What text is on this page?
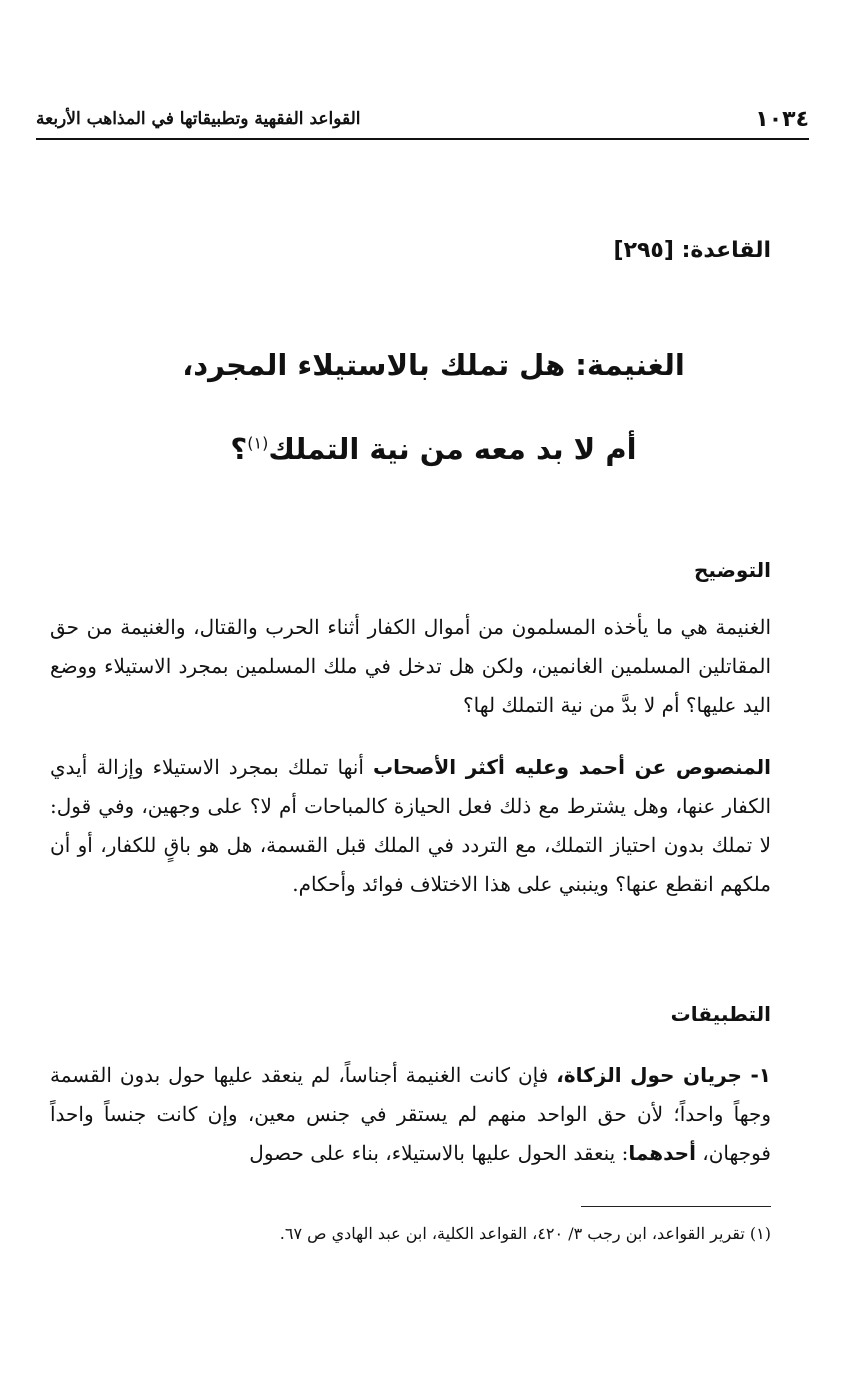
١٠٣٤
القواعد الفقهية وتطبيقاتها في المذاهب الأربعة
القاعدة: [٢٩٥]
الغنيمة: هل تملك بالاستيلاء المجرد،
أم لا بد معه من نية التملك$^{(١)}$؟
التوضيح
الغنيمة هي ما يأخذه المسلمون من أموال الكفار أثناء الحرب والقتال، والغنيمة من حق المقاتلين المسلمين الغانمين، ولكن هل تدخل في ملك المسلمين بمجرد الاستيلاء ووضع اليد عليها؟ أم لا بدَّ من نية التملك لها؟
المنصوص عن أحمد وعليه أكثر الأصحاب أنها تملك بمجرد الاستيلاء وإزالة أيدي الكفار عنها، وهل يشترط مع ذلك فعل الحيازة كالمباحات أم لا؟ على وجهين، وفي قول: لا تملك بدون احتياز التملك، مع التردد في الملك قبل القسمة، هل هو باقٍ للكفار، أو أن ملكهم انقطع عنها؟ وينبني على هذا الاختلاف فوائد وأحكام.
التطبيقات
١- جريان حول الزكاة، فإن كانت الغنيمة أجناساً، لم ينعقد عليها حول بدون القسمة وجهاً واحداً؛ لأن حق الواحد منهم لم يستقر في جنس معين، وإن كانت جنساً واحداً فوجهان، أحدهما: ينعقد الحول عليها بالاستيلاء، بناء على حصول
(١) تقرير القواعد، ابن رجب ٣/ ٤٢٠، القواعد الكلية، ابن عبد الهادي ص ٦٧.
